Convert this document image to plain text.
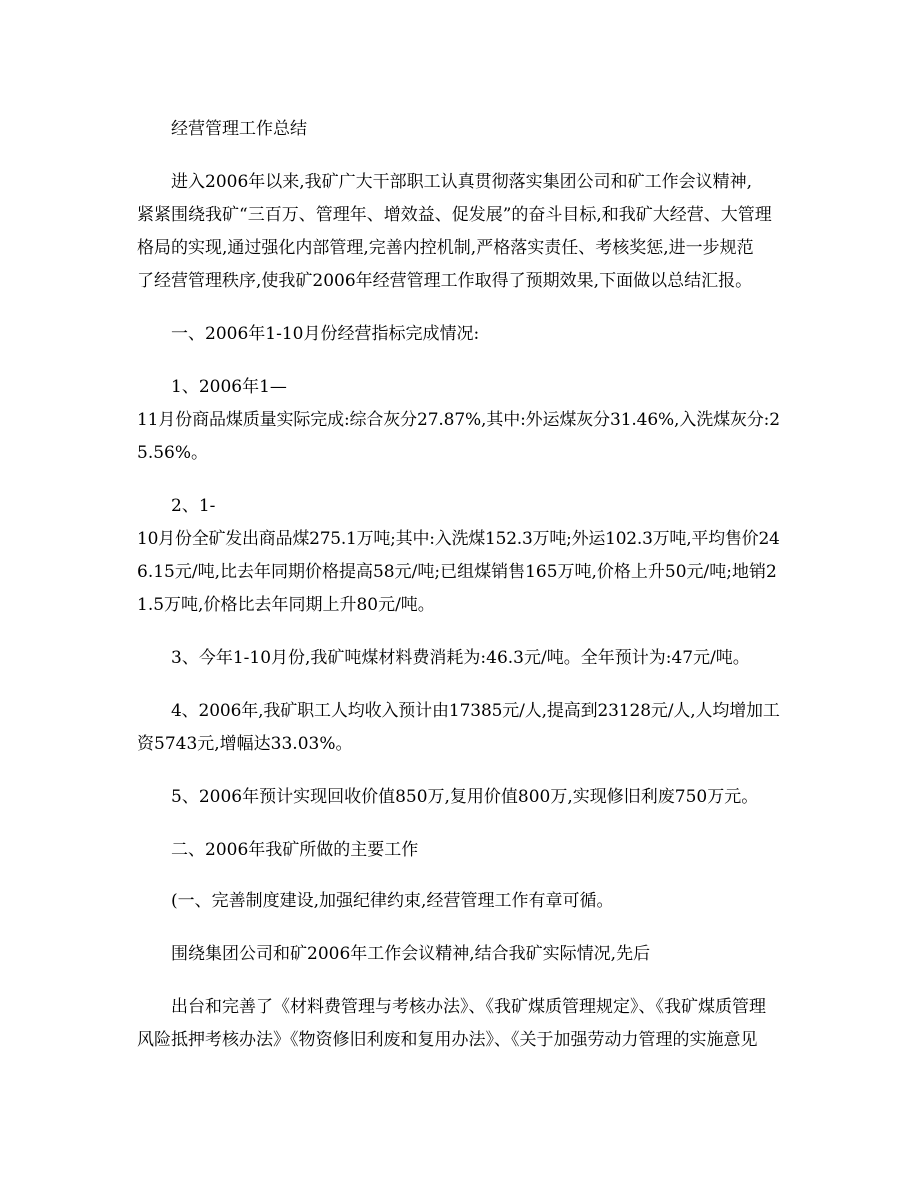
经营管理工作总结
进入2006年以来,我矿广大干部职工认真贯彻落实集团公司和矿工作会议精神,
紧紧围绕我矿“三百万、管理年、增效益、促发展”的奋斗目标,和我矿大经营、大管理
格局的实现,通过强化内部管理,完善内控机制,严格落实责任、考核奖惩,进一步规范
了经营管理秩序,使我矿2006年经营管理工作取得了预期效果,下面做以总结汇报。
一、2006年1-10月份经营指标完成情况:
1、2006年1—
11月份商品煤质量实际完成:综合灰分27.87%,其中:外运煤灰分31.46%,入洗煤灰分:2
5.56%。
2、1-
10月份全矿发出商品煤275.1万吨;其中:入洗煤152.3万吨;外运102.3万吨,平均售价24
6.15元/吨,比去年同期价格提高58元/吨;已组煤销售165万吨,价格上升50元/吨;地销2
1.5万吨,价格比去年同期上升80元/吨。
3、今年1-10月份,我矿吨煤材料费消耗为:46.3元/吨。全年预计为:47元/吨。
4、2006年,我矿职工人均收入预计由17385元/人,提高到23128元/人,人均增加工
资5743元,增幅达33.03%。
5、2006年预计实现回收价值850万,复用价值800万,实现修旧利废750万元。
二、2006年我矿所做的主要工作
(一、完善制度建设,加强纪律约束,经营管理工作有章可循。
围绕集团公司和矿2006年工作会议精神,结合我矿实际情况,先后
出台和完善了《材料费管理与考核办法》、《我矿煤质管理规定》、《我矿煤质管理
风险抵押考核办法》《物资修旧利废和复用办法》、《关于加强劳动力管理的实施意见
